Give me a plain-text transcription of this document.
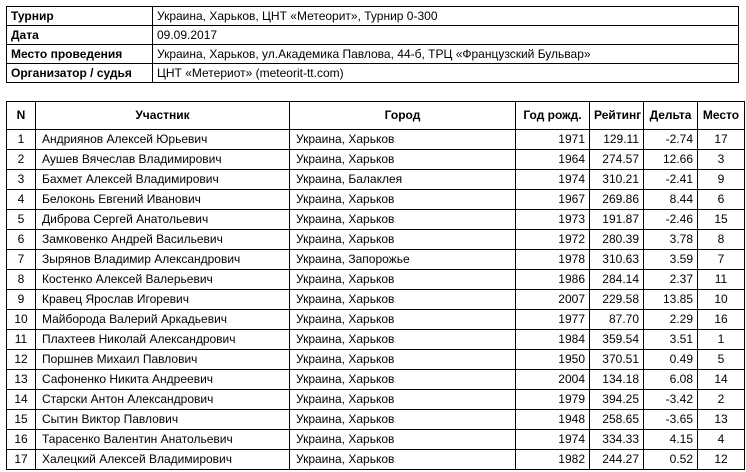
Турнир	Украина, Харьков, ЦНТ «Метеорит», Турнир 0-300
Дата	09.09.2017
Место проведения	Украина, Харьков, ул.Академика Павлова, 44-б, ТРЦ «Французский Бульвар»
Организатор / судья	ЦНТ «Метериот» (meteorit-tt.com)
N	Участник	Город	Год рожд.	Рейтинг	Дельта	Место
1	Андриянов Алексей Юрьевич	Украина, Харьков	1971	129.11	-2.74	17
2	Аушев Вячеслав Владимирович	Украина, Харьков	1964	274.57	12.66	3
3	Бахмет Алексей Владимирович	Украина, Балаклея	1974	310.21	-2.41	9
4	Белоконь Евгений Иванович	Украина, Харьков	1967	269.86	8.44	6
5	Диброва Сергей Анатольевич	Украина, Харьков	1973	191.87	-2.46	15
6	Замковенко Андрей Васильевич	Украина, Харьков	1972	280.39	3.78	8
7	Зырянов Владимир Александрович	Украина, Запорожье	1978	310.63	3.59	7
8	Костенко Алексей Валерьевич	Украина, Харьков	1986	284.14	2.37	11
9	Кравец Ярослав Игоревич	Украина, Харьков	2007	229.58	13.85	10
10	Майборода Валерий Аркадьевич	Украина, Харьков	1977	87.70	2.29	16
11	Плахтеев Николай Александрович	Украина, Харьков	1984	359.54	3.51	1
12	Поршнев Михаил Павлович	Украина, Харьков	1950	370.51	0.49	5
13	Сафоненко Никита Андреевич	Украина, Харьков	2004	134.18	6.08	14
14	Старски Антон Александрович	Украина, Харьков	1979	394.25	-3.42	2
15	Сытин Виктор Павлович	Украина, Харьков	1948	258.65	-3.65	13
16	Тарасенко Валентин Анатольевич	Украина, Харьков	1974	334.33	4.15	4
17	Халецкий Алексей Владимирович	Украина, Харьков	1982	244.27	0.52	12
